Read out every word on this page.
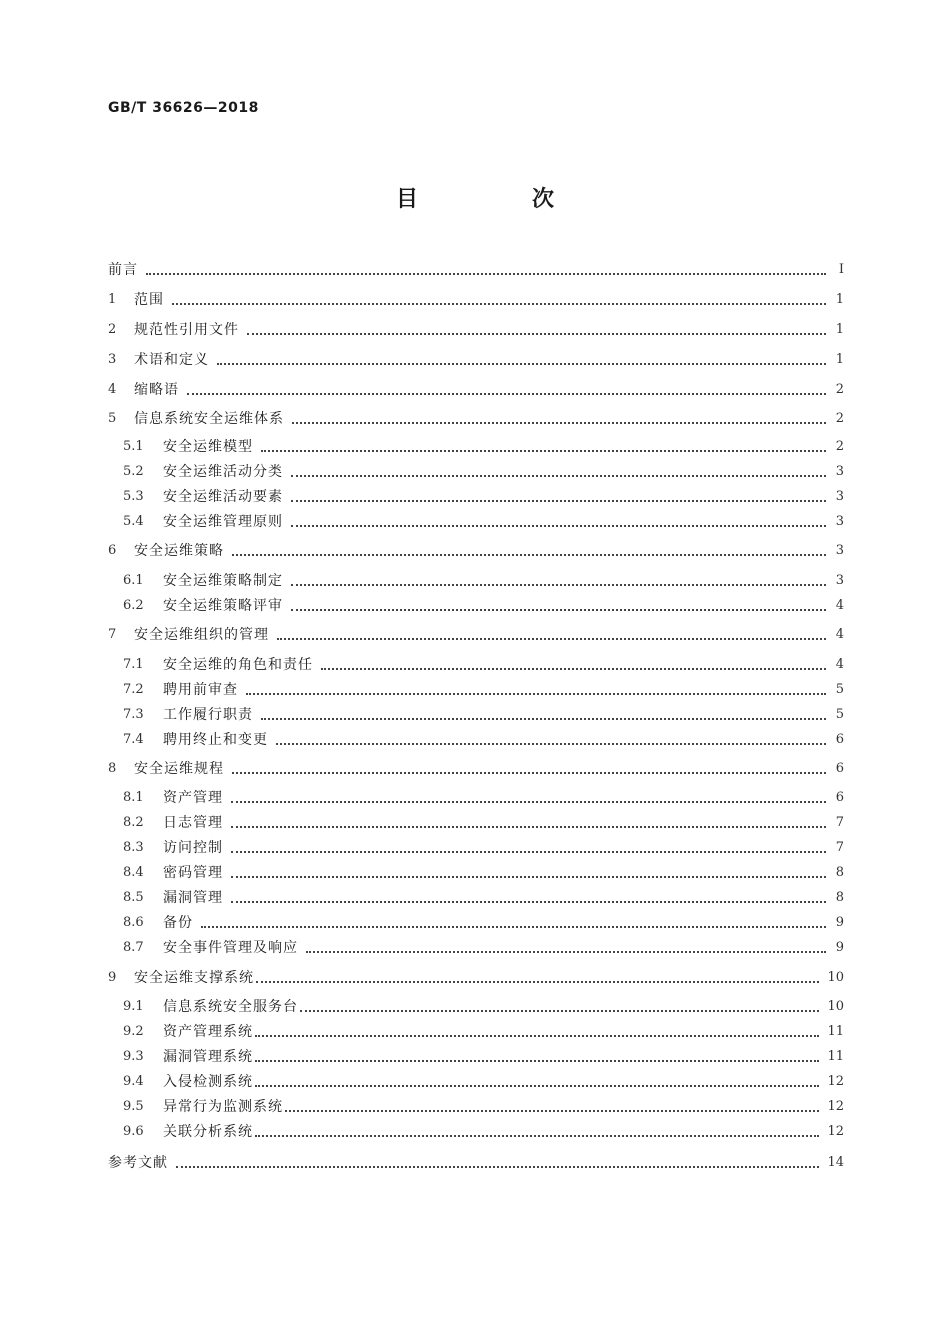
GB/T 36626—2018
目　次
前言	Ⅰ
1	范围	1
2	规范性引用文件	1
3	术语和定义	1
4	缩略语	2
5	信息系统安全运维体系	2
5.1	安全运维模型	2
5.2	安全运维活动分类	3
5.3	安全运维活动要素	3
5.4	安全运维管理原则	3
6	安全运维策略	3
6.1	安全运维策略制定	3
6.2	安全运维策略评审	4
7	安全运维组织的管理	4
7.1	安全运维的角色和责任	4
7.2	聘用前审查	5
7.3	工作履行职责	5
7.4	聘用终止和变更	6
8	安全运维规程	6
8.1	资产管理	6
8.2	日志管理	7
8.3	访问控制	7
8.4	密码管理	8
8.5	漏洞管理	8
8.6	备份	9
8.7	安全事件管理及响应	9
9	安全运维支撑系统	10
9.1	信息系统安全服务台	10
9.2	资产管理系统	11
9.3	漏洞管理系统	11
9.4	入侵检测系统	12
9.5	异常行为监测系统	12
9.6	关联分析系统	12
参考文献	14
